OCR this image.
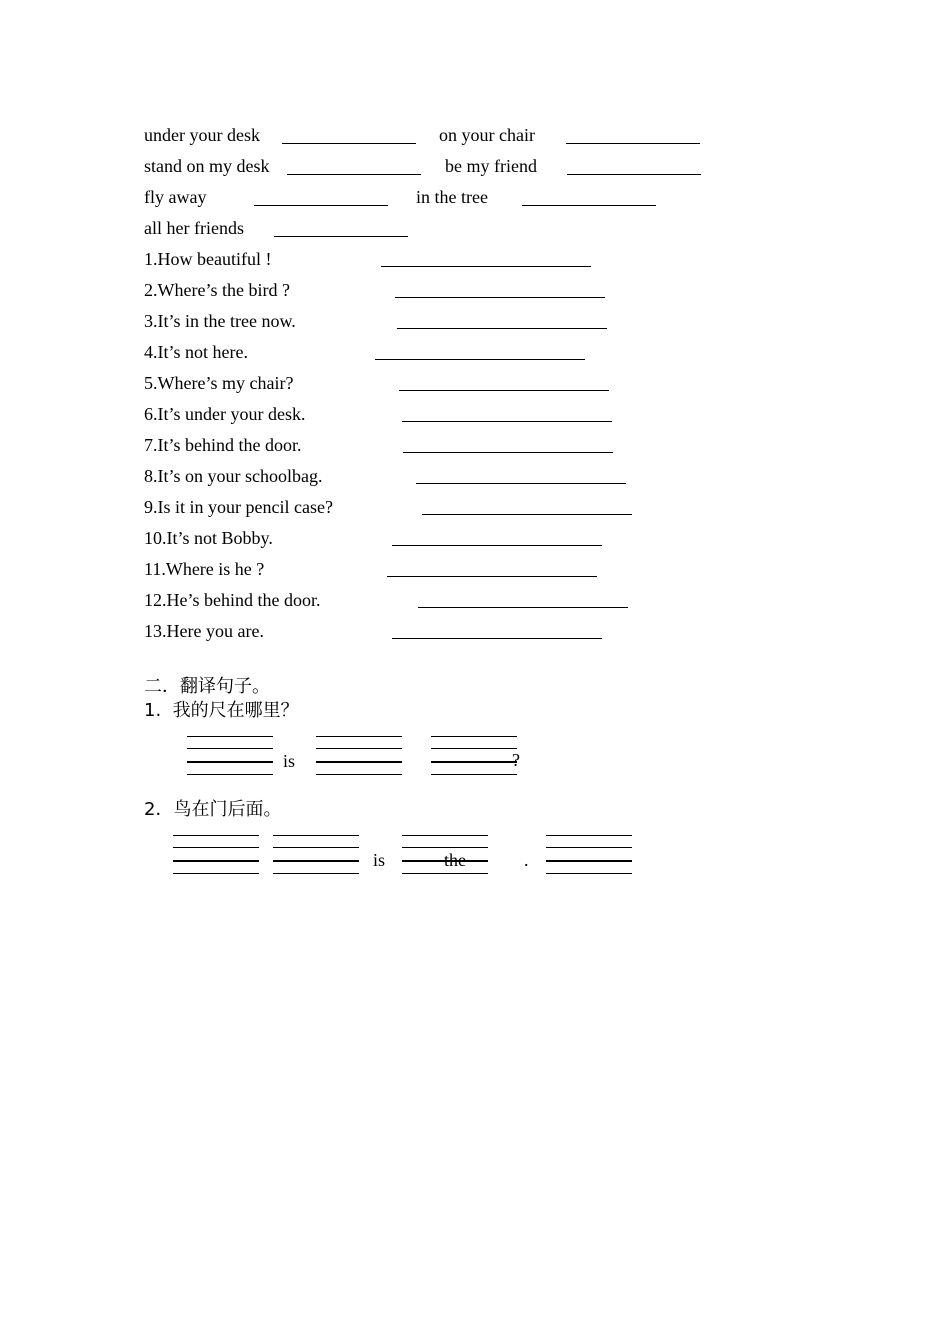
under your desk	on your chair
stand on my desk	be my friend
fly away	in the tree
all her friends
1.How beautiful !
2.Where’s the bird ?
3.It’s in the tree now.
4.It’s not here.
5.Where’s my chair?
6.It’s under your desk.
7.It’s behind the door.
8.It’s on your schoolbag.
9.Is it in your pencil case?
10.It’s not Bobby.
11.Where is he ?
12.He’s behind the door.
13.Here you are.
二．翻译句子。
1.  我的尺在哪里？
is	?
2．鸟在门后面。
is	the	.
